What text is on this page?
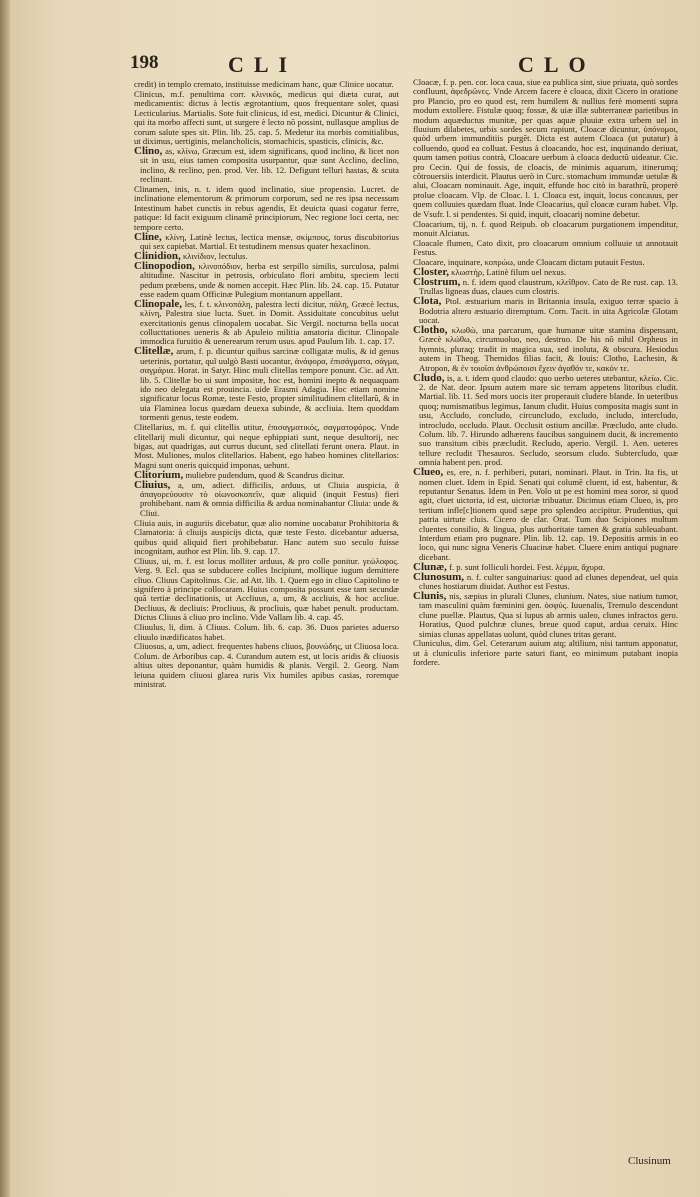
198	CLI	CLO

credit) in templo cremato, instituisse medicinam hanc, quæ Clinice uocatur.

Clinicus, m.f. penultima corr. κλινικός, medicus qui diæta curat, aut medicamentis: dictus à lectis ægrotantium, quos frequentare solet, quasi Lecticularius. Martialis. Sote fuit clinicus, id est, medici. Dicuntur & Clinici, qui ita morbo affecti sunt, ut surgere è lecto nõ possint, nullasque amplius de corum salute spes sit. Plin. lib. 25. cap. 5. Medetur ita morbis comitialibus, ut diximus, uertiginis, melancholicis, stomachicis, spasticis, clinicis, &c.

Clino, as, κλίνω, Græcum est, idem significans, quod inclino, & licet non sit in usu, eius tamen composita usurpantur, quæ sunt Acclino, declino, inclino, & reclino, pen. prod. Ver. lib. 12. Defigunt telluri hastas, & scuta reclinant.

Clinamen, inis, n. t. idem quod inclinatio, siue propensio. Lucret. de inclinatione elementorum & primorum corporum, sed ne res ipsa necessum Intestinum habet cunctis in rebus agendis, Et deuicta quasi cogatur ferre, patique: Id facit exiguum clinamẽ principiorum, Nec regione loci certa, nec tempore certo.

Cline, κλίνη, Latinè lectus, lectica mensæ, σκίμπους, torus discubitorius qui sex capiebat. Martial. Et testudinem mensus quater hexaclinon.

Clinidion, κλινίδιον, lectulus.

Clinopodion, κλινοπόδιον, herba est serpillo similis, surculosa, palmi altitudine. Nascitur in petrosis, orbiculato flori ambitu, speciem lecti pedum præbens, unde & nomen accepit. Hæc Plin. lib. 24. cap. 15. Putatur esse eadem quam Officinæ Pulegium montanum appellant.

Clinopale, les, f. t. κλινοπάλη, palestra lecti dicitur, πάλη, Græcè lectus, κλίνη, Palestra siue lucta. Suet. in Domit. Assiduitate concubitus uelut exercitationis genus clinopalem uocabat. Sic Vergil. nocturna bella uocat collucttationes ueneris & ab Apuleio militia amatoria dicitur. Clinopale immodica furuitio & uenerearum rerum usus. apud Paulum lib. 1. cap. 17.

Clitellæ, arum, f. p. dicuntur quibus sarcinæ colligatæ mulis, & id genus ueterinis, portatur, quĩ uulgò Basti uocantur, ἀνάφορα, ἐπισάγματα, σάγμα, σαγμάρια. Horat. in Satyr. Hinc muli clitellas tempore ponunt. Cic. ad Att. lib. 5. Clitellæ bo ui sunt impositæ, hoc est, homini inepto & nequaquam ido neo delegata est prouincia. uide Erasmi Adagia. Hoc etiam nomine significatur locus Romæ, teste Festo, propter similitudinem clitellarũ, & in uia Flaminea locus quædam deuexa subinde, & accliuia. Item quoddam tormenti genus, teste eodem.

Clitellarius, m. f. qui clitellis utitur, ἐπισαγματικός, σαγματοφόρος. Vnde clitellarij muli dicuntur, qui neque ephippiati sunt, neque desultorij, nec bigas, aut quadrigas, aut currus ducunt, sed clitellati ferunt onera. Plaut. in Most. Muliones, mulos clitellarios. Habent, ego habeo homines clitellarios: Magni sunt oneris quicquid imponas, uehunt.

Clitorium, muliebre pudendum, quod & Scandrus dicitur.

Cliuius, a, um, adiect. difficilis, arduus, ut Cliuia auspicia, ἃ ἀπαγορεύουσιν τὸ οἰωνοσκοπεῖν, quæ aliquid (inquit Festus) fieri prohibebant. nam & omnia difficilia & ardua nominabantur Cliuia: unde & Cliui.

Cliuia auis, in auguriis dicebatur, quæ alio nomine uocabatur Prohibitoria & Clamatoria: à cliuijs auspicijs dicta, quæ teste Festo. dicebantur aduersa, quibus quid aliquid fieri prohibebatur. Hanc autem suo seculo fuisse incognitam, author est Plin. lib. 9. cap. 17.

Cliuus, ui, m. f. est locus molliter arduus, & pro colle ponitur. γεώλοφος. Verg. 9. Ecl. qua se subducere colles Incipiunt, mollique iugum demittere cliuo. Cliuus Capitolinus. Cic. ad Att. lib. 1. Quem ego in cliuo Capitolino te signifero à principe collocaram. Huius composita possunt esse tam secundæ quã tertiæ declinationis, ut Accliuus, a, um, & accliuis, & hoc accliue. Decliuus, & decliuis: Procliuus, & procliuis, quæ habet penult. productam. Dictus Cliuus à cliuo pro inclino. Vide Vallam lib. 4. cap. 45.

Cliuulus, li, dim. à Cliuus. Colum. lib. 6. cap. 36. Duos parietes aduerso cliuulo inædificatos habet.

Cliuosus, a, um, adiect. frequentes habens cliuos, βουνώδης, ut Cliuosa loca. Colum. de Arboribus cap. 4. Curandum autem est, ut locis aridis & cliuosis altius uites deponantur, quàm humidis & planis. Vergil. 2. Georg. Nam leiuna quidem cliuosi glarea ruris Vix humiles apibus casias, roremque ministrat.

Cloacæ, f. p. pen. cor. loca caua, siue ea publica sint, siue priuata, quò sordes confluunt, ἀφεδρῶνες. Vnde Arcem facere è cloaca, dixit Cicero in oratione pro Plancio, pro eo quod est, rem humilem & nullius ferè momenti supra modum extollere. Fistulæ quoq; fossæ, & uiæ illæ subterraneæ parietibus in modum aquæductus munitæ, per quas aquæ pluuiæ extra urbem uel in fluuium dilabetes, urbis sordes secum rapiunt, Cloacæ dicuntur, ὑπόνομοι, quòd urbem immunditiis purgẽt. Dicta est autem Cloaca (ut putatur) à colluendo, quod ea colluat. Festus à cloacando, hoc est, inquinando deriuat, quum tamen potius contrà, Cloacare uerbum à cloaca deductũ uideatur. Cic. pro Cecin. Qui de fossis, de cloacis, de minimis aquarum, itinerumq; cõtrouersiis interdicit. Plautus uerò in Curc. stomachum immundæ uetulæ & alui, Cloacam nominauit. Age, inquit, effunde hoc citò in barathrũ, properè prolue cloacam. Vlp. de Cloac. l. 1. Cloaca est, inquit, locus concauus, per quem colluuies quædam fluat. Inde Cloacarius, quĩ cloacæ curam habet. Vlp. de Vsufr. l. si pendentes. Si quid, inquit, cloacarij nomine debetur.

Cloacarium, tij, n. f. quod Reipub. ob cloacarum purgationem impenditur, monuit Alciatus.

Cloacale flumen, Cato dixit, pro cloacarum omnium colluuie ut annotauit Festus.

Cloacare, inquinare, κοπρώω, unde Cloacam dictam putauit Festus.

Closter, κλωστήρ, Latinè filum uel nexus.

Clostrum, n. f. idem quod claustrum, κλεῖθρον. Cato de Re rust. cap. 13. Trullas ligneas duas, claues cum clostris.

Clota, Ptol. æstuarium maris in Britannia insula, exiguo terræ spacio à Bodotria altero æstuario diremptum. Corn. Tacit. in uita Agricolæ Glotam uocat.

Clotho, κλωθὼ, una parcarum, quæ humanæ uitæ stamina dispensant, Græcè κλώθω, circumuoluo, neo, destruo. De his nõ nihil Orpheus in hymnis, pluraq; tradit in magica sua, sed inoluta, & obscura. Hesiodus autem in Theog. Themidos filias facit, & Iouis: Clotho, Lachesin, & Atropon, & ἐν τοιοῖσι ἀνθρώποισι ἔχειν ἀγαθόν τε, κακόν τε.

Cludo, is, a. t. idem quod claudo: quo uerbo ueteres utebantur, κλείω. Cic. 2. de Nat. deor. Ipsum autem mare sic terram appetens litoribus cludit. Martial. lib. 11. Sed mors uocis iter properauit cludere blande. In ueteribus quoq; numismatibus legimus, Ianum cludit. Huius composita magis sunt in usu, Accludo, concludo, circuncludo, excludo, includo, intercludo, introcludo, occludo. Plaut. Occlusit ostium ancillæ. Præcludo, ante cludo. Colum. lib. 7. Hirundo adhærens faucibus sanguinem ducit, & incremento suo transitum cibis præcludit. Recludo, aperio. Vergil. 1. Aen. ueteres tellure recludit Thesauros. Secludo, seorsum cludo. Subtercludo, quæ omnia habent pen. prod.

Clueo, es, ere, n. f. perhiberi, putari, nominari. Plaut. in Trin. Ita fis, ut nomen cluet. Idem in Epid. Senati qui columẽ cluent, id est, habentur, & reputantur Senatus. Idem in Pen. Volo ut pe est homini mea soror, si quod agit, cluet uictoria, id est, uictoriæ tribuatur. Dicimus etiam Clueo, is, pro tertium infle[c]tionem quod sæpe pro splendeo accipitur. Prudentius, qui patria uirtute cluis. Cicero de clar. Orat. Tum duo Scipiones multum cluentes consilio, & lingua, plus authoritate tamen & gratia subleuabant. Interdum etiam pro pugnare. Plin. lib. 12. cap. 19. Depositis armis in eo loco, qui nunc signa Veneris Cluacinæ habet. Cluere enim antiqui pugnare dicebant.

Clunæ, f. p. sunt folliculi hordei. Fest. λέμμα, ἄχυρα.

Clunosum, n. f. culter sanguinarius: quod ad clunes dependeat, uel quia clunes hostiarum diuidat. Author est Festus.

Clunis, nis, sæpius in plurali Clunes, clunium. Nates, siue natium tumor, tam masculini quàm fœminini gen. ὀσφύς. Iuuenalis, Tremulo descendunt clune puellæ. Plautus, Qua si lupus ab armis ualeo, clunes infractos gero. Horatius, Quod pulchræ clunes, breue quod caput, ardua ceruix. Hinc simias clunas appellatas uolunt, quòd clunes tritas gerant.

Cluniculus, dim. Gel. Ceterarum auium atq; altilium, nisi tantum apponatur, ut à cluniculis inferiore parte saturi fiant, eo minimum putabant inopia fordere.

Clusinum
